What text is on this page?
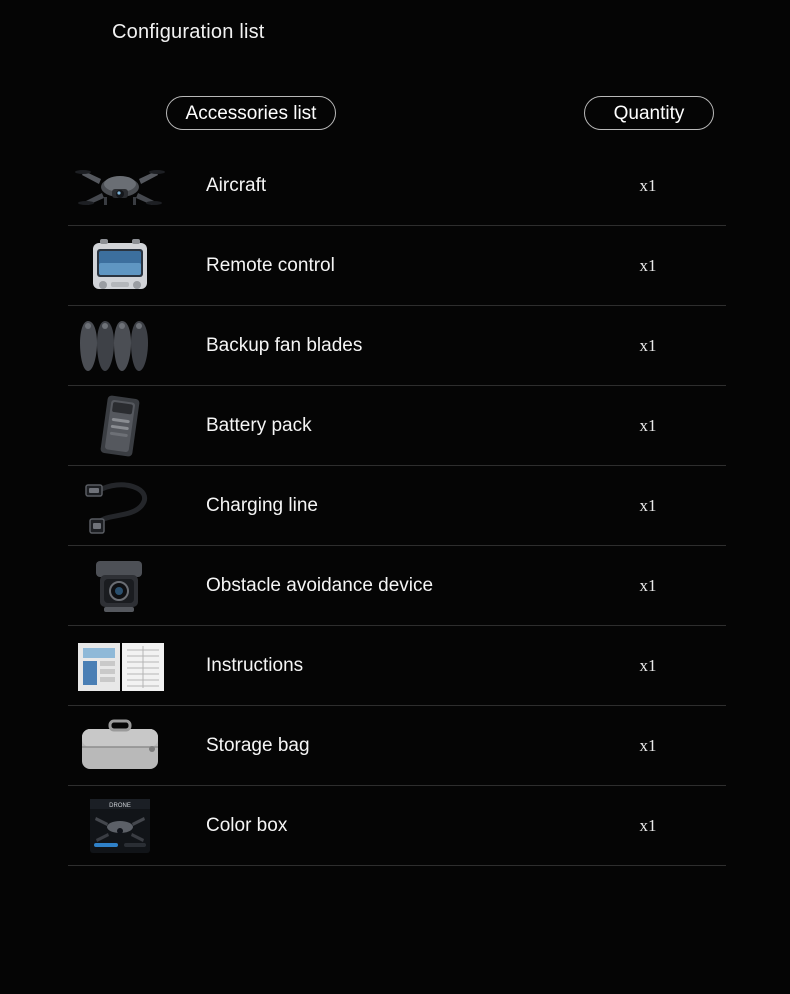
Configuration list
Accessories list	Quantity
Aircraft	x1
Remote control	x1
Backup fan blades	x1
Battery pack	x1
Charging line	x1
Obstacle avoidance device	x1
Instructions	x1
Storage bag	x1
DRONE
Color box	x1
